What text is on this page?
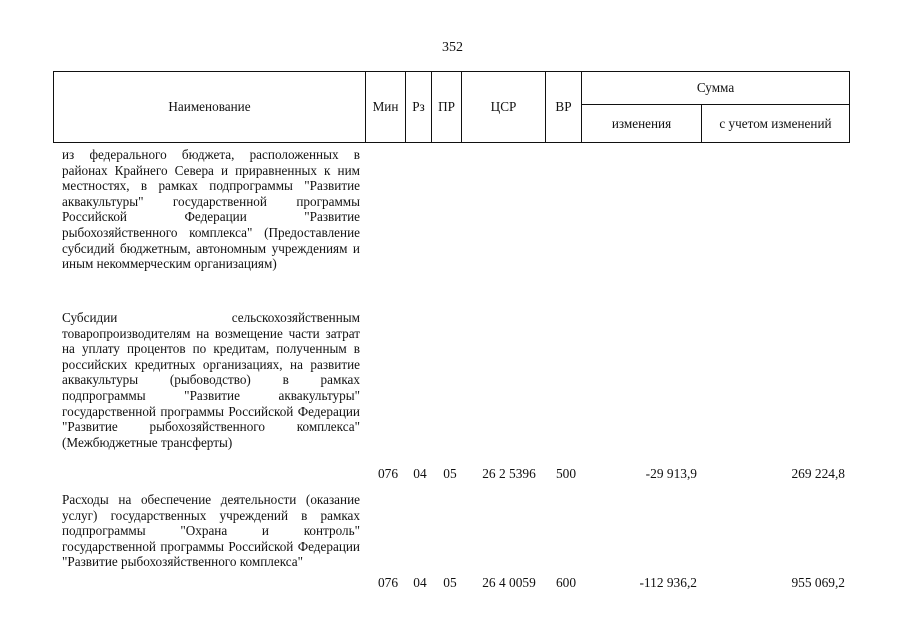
352
Наименование	Мин	Рз	ПР	ЦСР	ВР
Сумма
изменения	с учетом изменений
из федерального бюджета, расположенных в районах Крайнего Севера и приравненных к ним местностях, в рамках подпрограммы "Развитие аквакультуры" государственной программы Российской Федерации "Развитие рыбохозяйственного комплекса" (Предоставление субсидий бюджетным, автономным учреждениям и иным некоммерческим организациям)
Субсидии сельскохозяйственным товаропроизводителям на возмещение части затрат на уплату процентов по кредитам, полученным в российских кредитных организациях, на развитие аквакультуры (рыбоводство) в рамках подпрограммы "Развитие аквакультуры" государственной программы Российской Федерации "Развитие рыбохозяйственного комплекса" (Межбюджетные трансферты)
076	04	05	26 2 5396	500	-29 913,9	269 224,8
Расходы на обеспечение деятельности (оказание услуг) государственных учреждений в рамках подпрограммы "Охрана и контроль" государственной программы Российской Федерации "Развитие рыбохозяйственного комплекса"
076	04	05	26 4 0059	600	-112 936,2	955 069,2
